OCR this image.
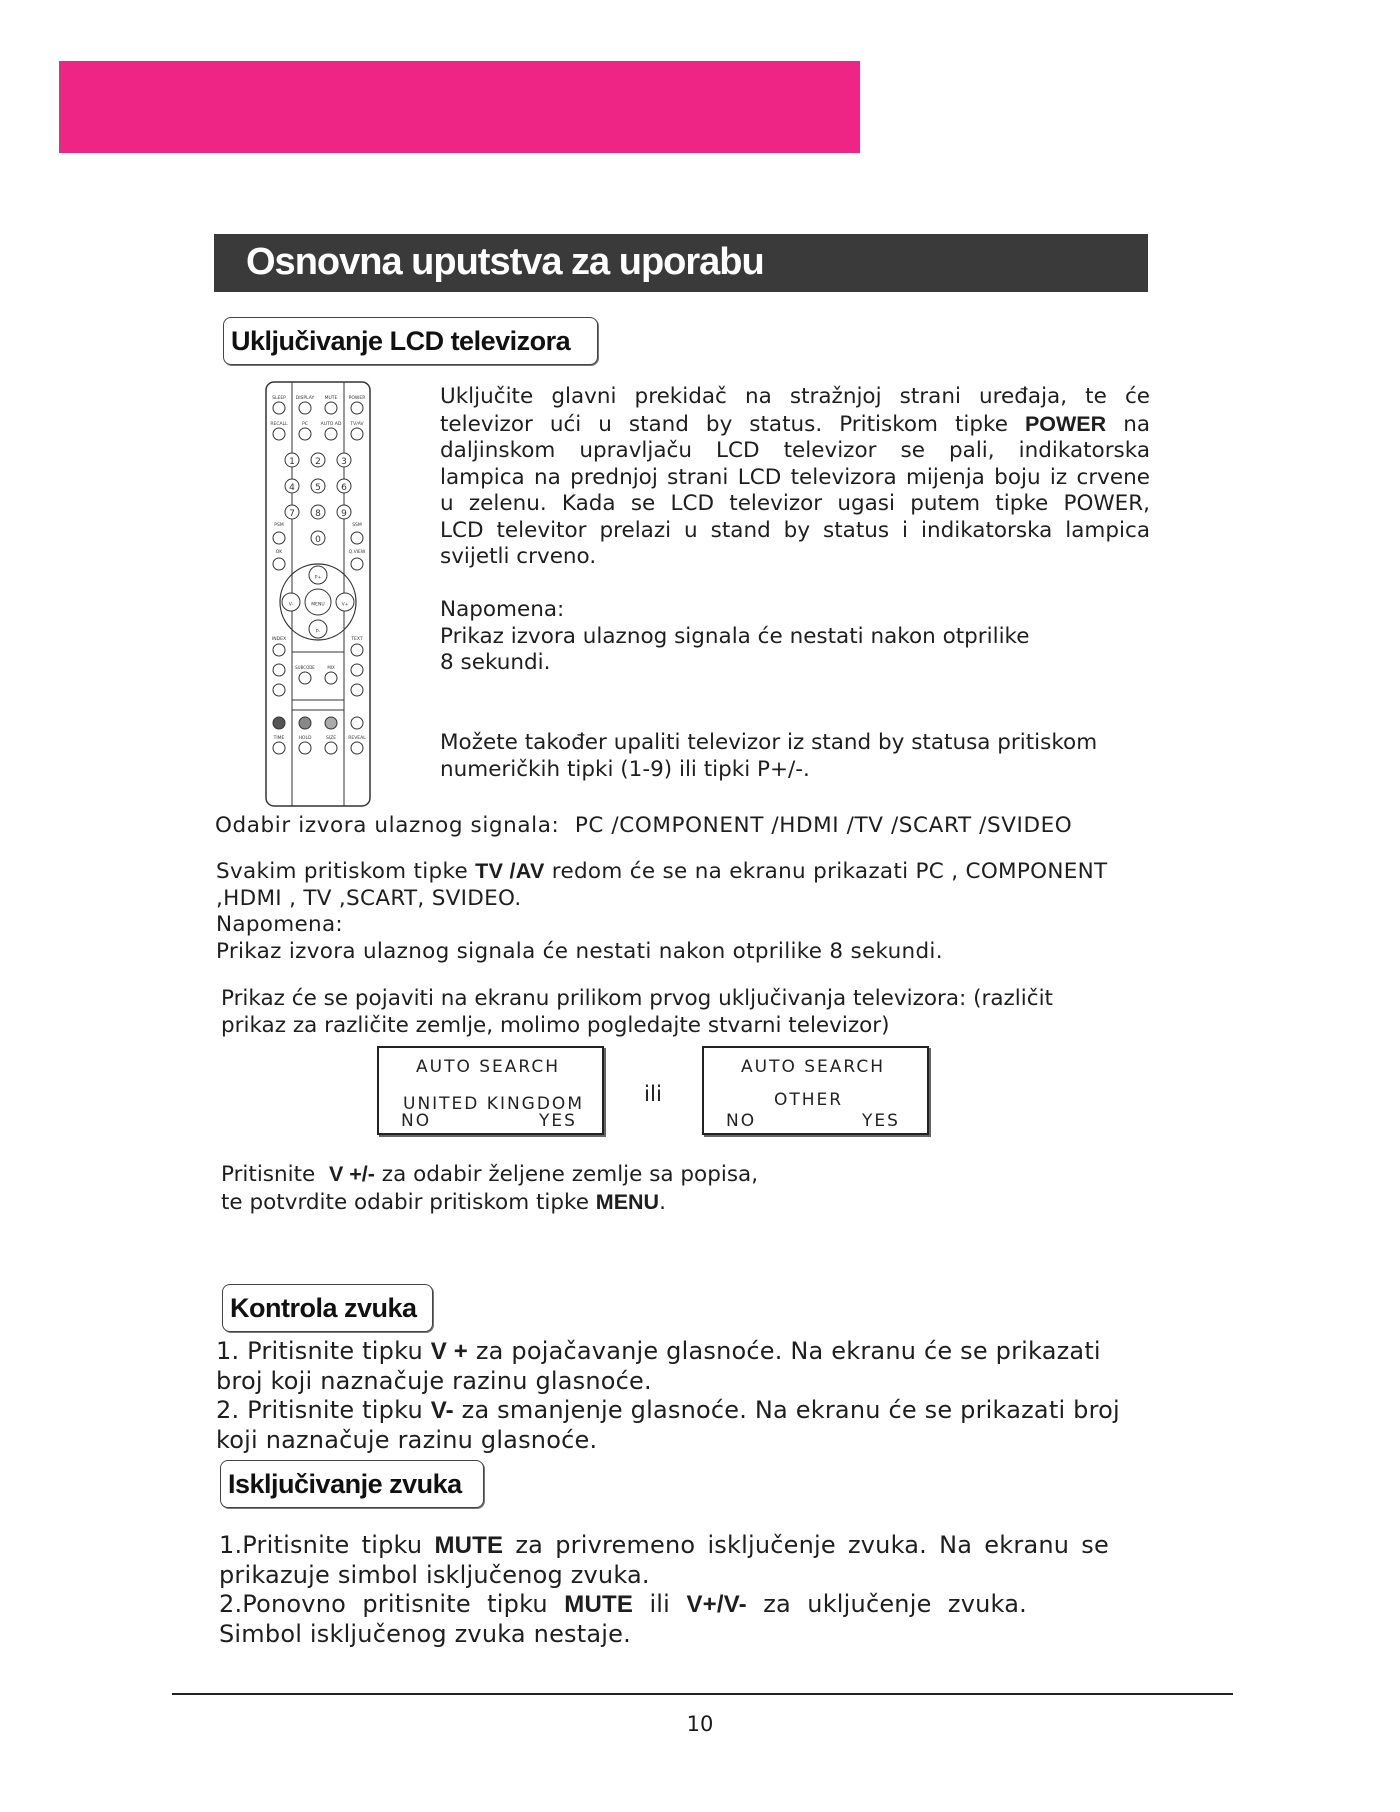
Osnovna uputstva za uporabu
Uključivanje LCD televizora
SLEEP DISPLAY MUTE	POWER
RECALL	PC	AUTO AD TV/AV
1 2 3
4 5 6
7 8 9
0
PSM	SSM
OK	Q.VIEW
P+
P-
V-	V+
MENU
INDEX	TEXT
SUBCODE	MIX
TIME	HOLD	SIZE	REVEAL
Uključite glavni prekidač na stražnjoj strani uređaja, te će
televizor ući u stand by status. Pritiskom tipke POWER na
daljinskom upravljaču LCD televizor se pali, indikatorska
lampica na prednjoj strani LCD televizora mijenja boju iz crvene
u zelenu. Kada se LCD televizor ugasi putem tipke POWER,
LCD televitor prelazi u stand by status i indikatorska lampica
svijetli crveno.
Napomena:
Prikaz izvora ulaznog signala će nestati nakon otprilike
8 sekundi.
Možete također upaliti televizor iz stand by statusa pritiskom
numeričkih tipki (1-9) ili tipki P+/-.
Odabir izvora ulaznog signala: PC /COMPONENT /HDMI /TV /SCART /SVIDEO
Svakim pritiskom tipke TV /AV redom će se na ekranu prikazati PC , COMPONENT
,HDMI , TV ,SCART, SVIDEO.
Napomena:
Prikaz izvora ulaznog signala će nestati nakon otprilike 8 sekundi.
Prikaz će se pojaviti na ekranu prilikom prvog uključivanja televizora: (različit
prikaz za različite zemlje, molimo pogledajte stvarni televizor)
AUTO SEARCH
UNITED KINGDOM
NO	YES
ili
AUTO SEARCH
OTHER
NO	YES
Pritisnite V +/- za odabir željene zemlje sa popisa,
te potvrdite odabir pritiskom tipke MENU.
Kontrola zvuka
1. Pritisnite tipku V + za pojačavanje glasnoće. Na ekranu će se prikazati
broj koji naznačuje razinu glasnoće.
2. Pritisnite tipku V- za smanjenje glasnoće. Na ekranu će se prikazati broj
koji naznačuje razinu glasnoće.
Isključivanje zvuka
1.Pritisnite tipku MUTE za privremeno isključenje zvuka. Na ekranu se
prikazuje simbol isključenog zvuka.
2.Ponovno pritisnite tipku MUTE ili V+/V- za uključenje zvuka.
Simbol isključenog zvuka nestaje.
10
